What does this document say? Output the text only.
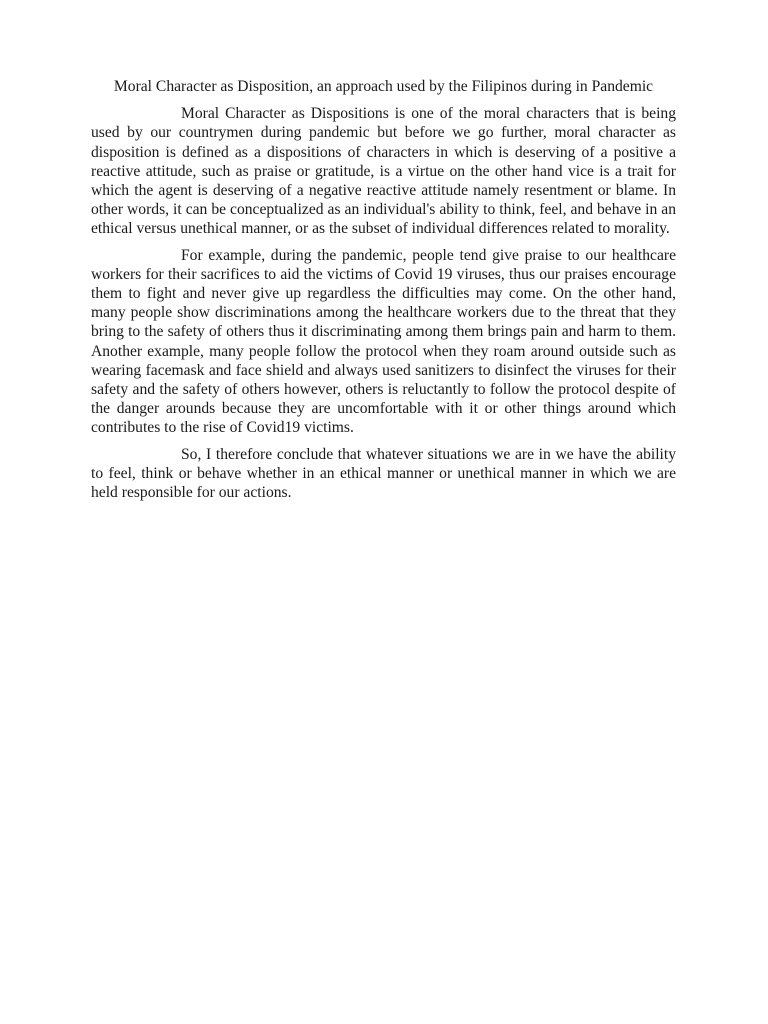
Moral Character as Disposition, an approach used by the Filipinos during in Pandemic

Moral Character as Dispositions is one of the moral characters that is being used by our countrymen during pandemic but before we go further, moral character as disposition is defined as a dispositions of characters in which is deserving of a positive a reactive attitude, such as praise or gratitude, is a virtue on the other hand vice is a trait for which the agent is deserving of a negative reactive attitude namely resentment or blame. In other words, it can be conceptualized as an individual's ability to think, feel, and behave in an ethical versus unethical manner, or as the subset of individual differences related to morality.

For example, during the pandemic, people tend give praise to our healthcare workers for their sacrifices to aid the victims of Covid 19 viruses, thus our praises encourage them to fight and never give up regardless the difficulties may come. On the other hand, many people show discriminations among the healthcare workers due to the threat that they bring to the safety of others thus it discriminating among them brings pain and harm to them. Another example, many people follow the protocol when they roam around outside such as wearing facemask and face shield and always used sanitizers to disinfect the viruses for their safety and the safety of others however, others is reluctantly to follow the protocol despite of the danger arounds because they are uncomfortable with it or other things around which contributes to the rise of Covid19 victims.

So, I therefore conclude that whatever situations we are in we have the ability to feel, think or behave whether in an ethical manner or unethical manner in which we are held responsible for our actions.
